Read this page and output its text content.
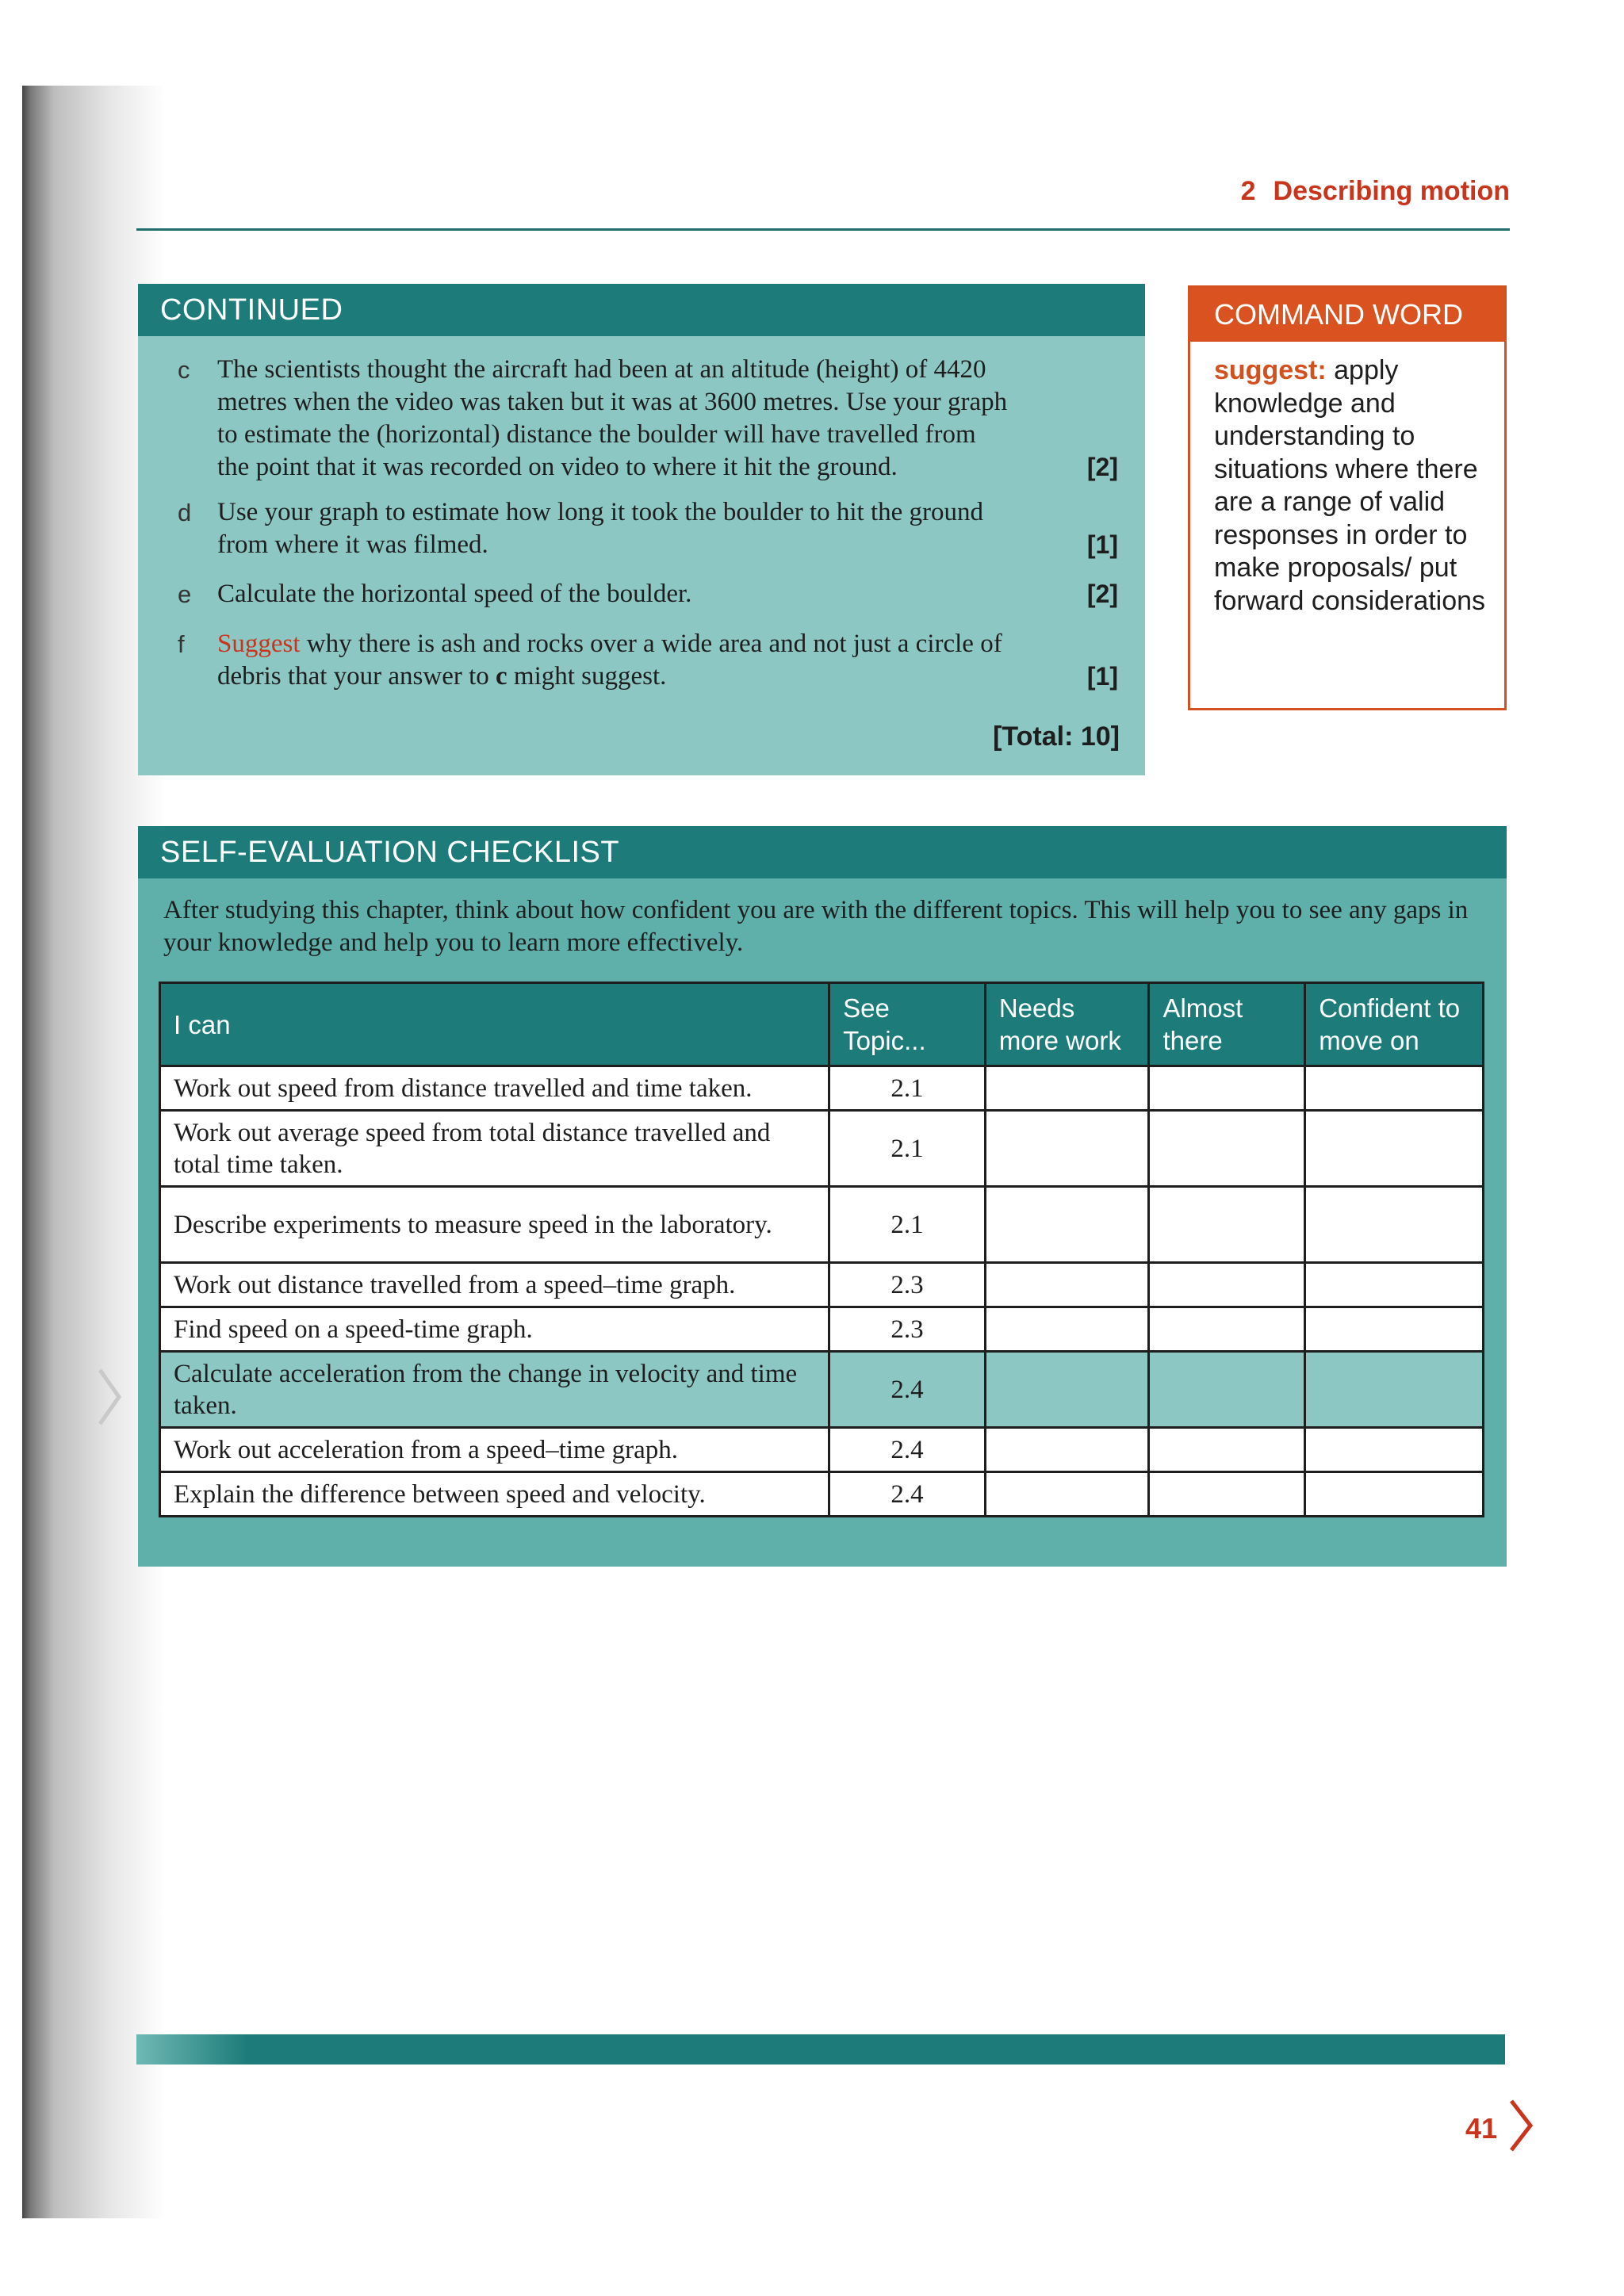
2 Describing motion
CONTINUED
c	The scientists thought the aircraft had been at an altitude (height) of 4420 metres when the video was taken but it was at 3600 metres. Use your graph to estimate the (horizontal) distance the boulder will have travelled from the point that it was recorded on video to where it hit the ground.	[2]
d Use your graph to estimate how long it took the boulder to hit the ground from where it was filmed.	[1]
e Calculate the horizontal speed of the boulder.	[2]
f	Suggest why there is ash and rocks over a wide area and not just a circle of debris that your answer to c might suggest.	[1]
[Total: 10]
COMMAND WORD
suggest: apply knowledge and understanding to situations where there are a range of valid responses in order to make proposals/ put forward considerations
SELF-EVALUATION CHECKLIST
After studying this chapter, think about how confident you are with the different topics. This will help you to see any gaps in your knowledge and help you to learn more effectively.
I can	See Topic...	Needs more work	Almost there	Confident to move on
Work out speed from distance travelled and time taken.	2.1			
Work out average speed from total distance travelled and total time taken.	2.1			
Describe experiments to measure speed in the laboratory.	2.1			
Work out distance travelled from a speed–time graph.	2.3			
Find speed on a speed-time graph.	2.3			
Calculate acceleration from the change in velocity and time taken.	2.4			
Work out acceleration from a speed–time graph.	2.4			
Explain the difference between speed and velocity.	2.4			
41
